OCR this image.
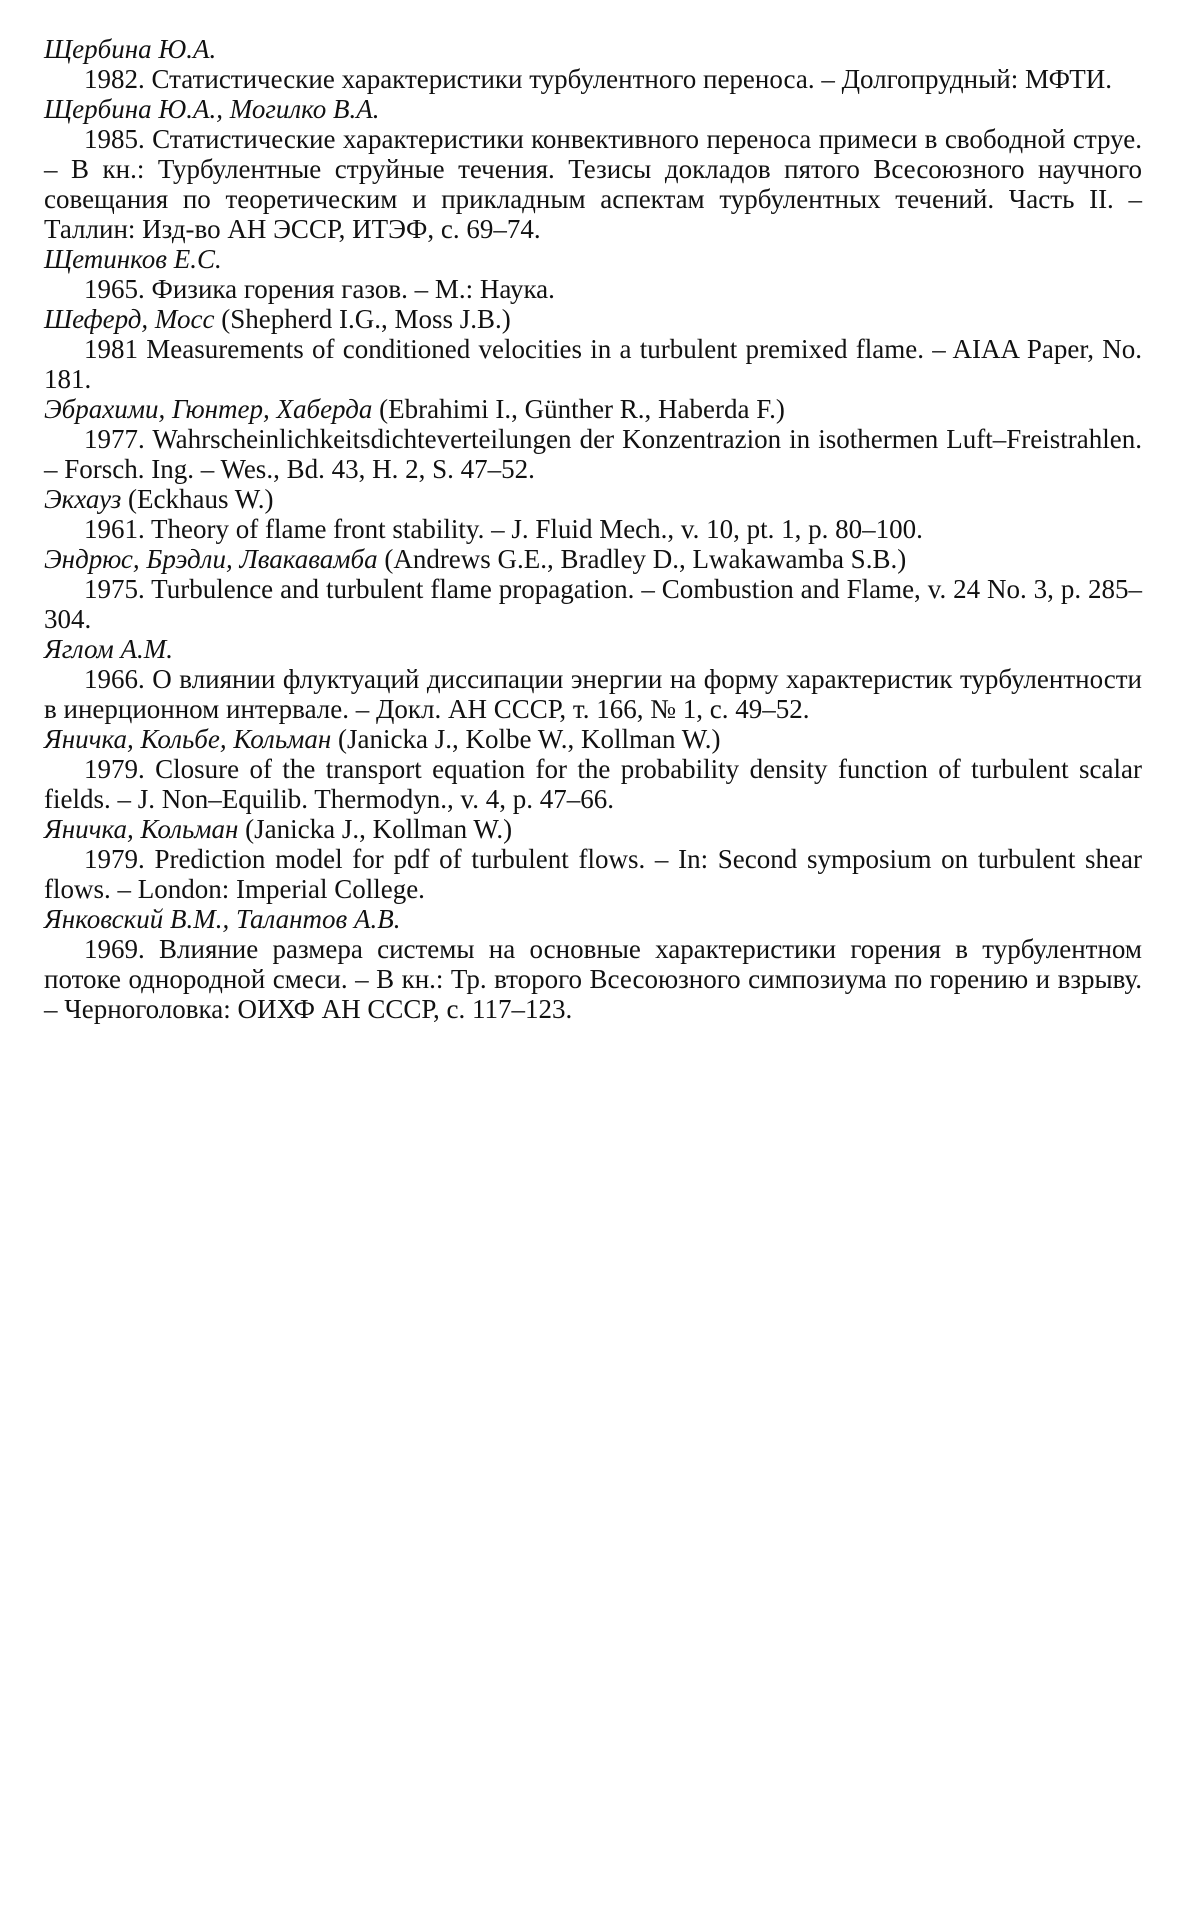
Щербина Ю.А.

1982. Статистические характеристики турбулентного переноса. – Долгопрудный: МФТИ.

Щербина Ю.А., Могилко В.А.

1985. Статистические характеристики конвективного переноса примеси в свободной струе. – В кн.: Турбулентные струйные течения. Тезисы докладов пятого Всесоюзного научного совещания по теоретическим и прикладным аспектам турбулентных течений. Часть II. – Таллин: Изд-во АН ЭССР, ИТЭФ, с. 69–74.

Щетинков Е.С.

1965. Физика горения газов. – М.: Наука.

Шеферд, Мосс (Shepherd I.G., Moss J.B.)

1981 Measurements of conditioned velocities in a turbulent premixed flame. – AIAA Paper, No. 181.

Эбрахими, Гюнтер, Хаберда (Ebrahimi I., Günther R., Haberda F.)

1977. Wahrscheinlichkeitsdichteverteilungen der Konzentrazion in isothermen Luft–Freistrahlen. – Forsch. Ing. – Wes., Bd. 43, H. 2, S. 47–52.

Экхауз (Eckhaus W.)

1961. Theory of flame front stability. – J. Fluid Mech., v. 10, pt. 1, p. 80–100.

Эндрюс, Брэдли, Лвакавамба (Andrews G.E., Bradley D., Lwakawamba S.B.)

1975. Turbulence and turbulent flame propagation. – Combustion and Flame, v. 24 No. 3, p. 285–304.

Яглом А.М.

1966. О влиянии флуктуаций диссипации энергии на форму характеристик турбулентности в инерционном интервале. – Докл. АН СССР, т. 166, № 1, с. 49–52.

Яничка, Кольбе, Кольман (Janicka J., Kolbe W., Kollman W.)

1979. Closure of the transport equation for the probability density function of turbulent scalar fields. – J. Non–Equilib. Thermodyn., v. 4, p. 47–66.

Яничка, Кольман (Janicka J., Kollman W.)

1979. Prediction model for pdf of turbulent flows. – In: Second symposium on turbulent shear flows. – London: Imperial College.

Янковский В.М., Талантов А.В.

1969. Влияние размера системы на основные характеристики горения в турбулентном потоке однородной смеси. – В кн.: Тр. второго Всесоюзного симпозиума по горению и взрыву. – Черноголовка: ОИХФ АН СССР, с. 117–123.
